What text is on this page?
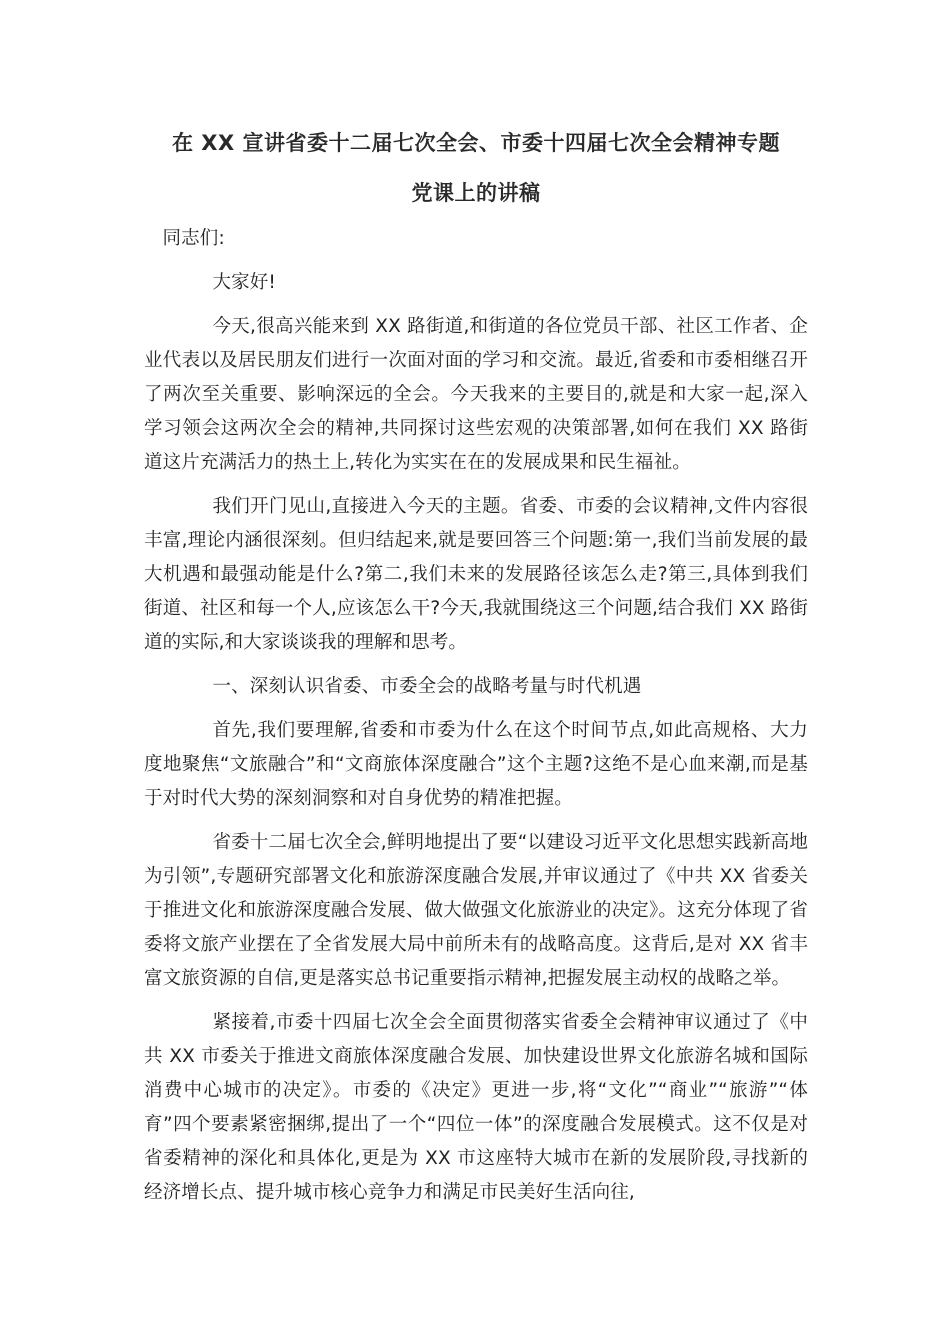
在 XX 宣讲省委十二届七次全会、市委十四届七次全会精神专题
党课上的讲稿

同志们:

大家好!

今天,很高兴能来到 XX 路街道,和街道的各位党员干部、社区工作者、企业代表以及居民朋友们进行一次面对面的学习和交流。最近,省委和市委相继召开了两次至关重要、影响深远的全会。今天我来的主要目的,就是和大家一起,深入学习领会这两次全会的精神,共同探讨这些宏观的决策部署,如何在我们 XX 路街道这片充满活力的热土上,转化为实实在在的发展成果和民生福祉。

我们开门见山,直接进入今天的主题。省委、市委的会议精神,文件内容很丰富,理论内涵很深刻。但归结起来,就是要回答三个问题:第一,我们当前发展的最大机遇和最强动能是什么?第二,我们未来的发展路径该怎么走?第三,具体到我们街道、社区和每一个人,应该怎么干?今天,我就围绕这三个问题,结合我们 XX 路街道的实际,和大家谈谈我的理解和思考。

一、深刻认识省委、市委全会的战略考量与时代机遇

首先,我们要理解,省委和市委为什么在这个时间节点,如此高规格、大力度地聚焦“文旅融合”和“文商旅体深度融合”这个主题?这绝不是心血来潮,而是基于对时代大势的深刻洞察和对自身优势的精准把握。

省委十二届七次全会,鲜明地提出了要“以建设习近平文化思想实践新高地为引领”,专题研究部署文化和旅游深度融合发展,并审议通过了《中共 XX 省委关于推进文化和旅游深度融合发展、做大做强文化旅游业的决定》。这充分体现了省委将文旅产业摆在了全省发展大局中前所未有的战略高度。这背后,是对 XX 省丰富文旅资源的自信,更是落实总书记重要指示精神,把握发展主动权的战略之举。

紧接着,市委十四届七次全会全面贯彻落实省委全会精神审议通过了《中共 XX 市委关于推进文商旅体深度融合发展、加快建设世界文化旅游名城和国际消费中心城市的决定》。市委的《决定》更进一步,将“文化”“商业”“旅游”“体育”四个要素紧密捆绑,提出了一个“四位一体”的深度融合发展模式。这不仅是对省委精神的深化和具体化,更是为 XX 市这座特大城市在新的发展阶段,寻找新的经济增长点、提升城市核心竞争力和满足市民美好生活向往,
